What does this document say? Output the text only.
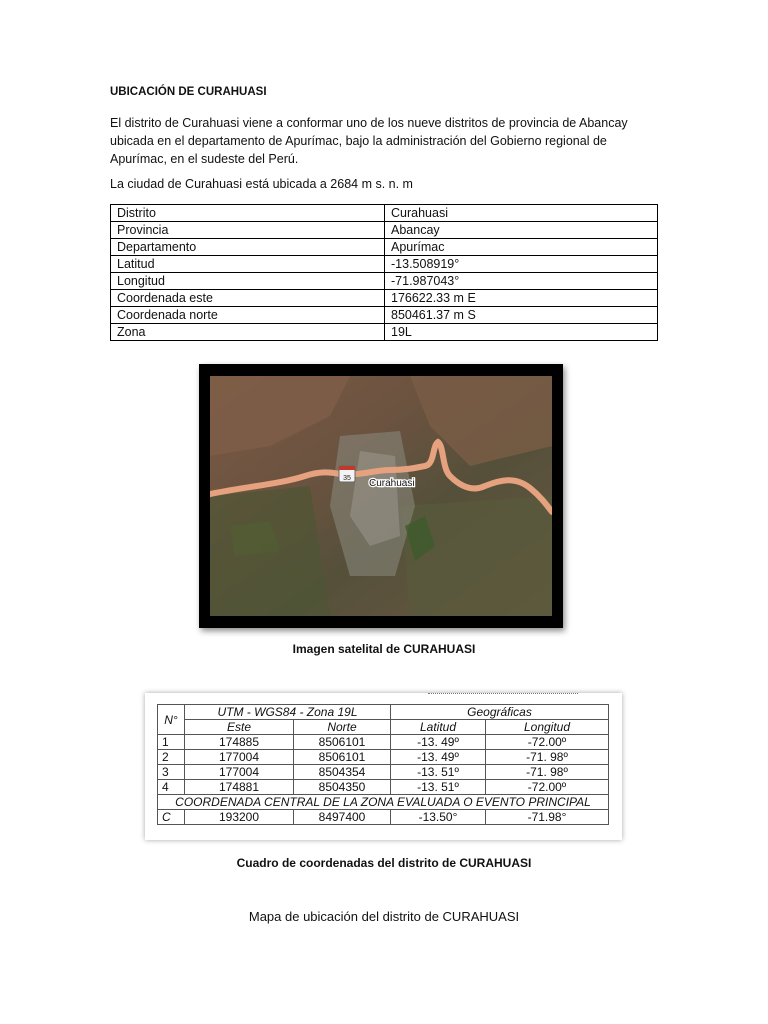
UBICACIÓN DE CURAHUASI
El distrito de Curahuasi viene a conformar uno de los nueve distritos de provincia de Abancay ubicada en el departamento de Apurímac, bajo la administración del Gobierno regional de Apurímac, en el sudeste del Perú.
La ciudad de Curahuasi está ubicada a 2684 m s. n. m
Distrito	Curahuasi
Provincia	Abancay
Departamento	Apurímac
Latitud	-13.508919°
Longitud	-71.987043°
Coordenada este	176622.33 m E
Coordenada norte	850461.37 m S
Zona	19L
35 Curahuasi
Imagen satelital de CURAHUASI
N°	UTM - WGS84 - Zona 19L		Geográficas	
	Este	Norte	Latitud	Longitud
1	174885	8506101	-13. 49º	-72.00º
2	177004	8506101	-13. 49º	-71. 98º
3	177004	8504354	-13. 51º	-71. 98º
4	174881	8504350	-13. 51º	-72.00º
COORDENADA CENTRAL DE LA ZONA EVALUADA O EVENTO PRINCIPAL				
C	193200	8497400	-13.50°	-71.98°
Cuadro de coordenadas del distrito de CURAHUASI
Mapa de ubicación del distrito de CURAHUASI
